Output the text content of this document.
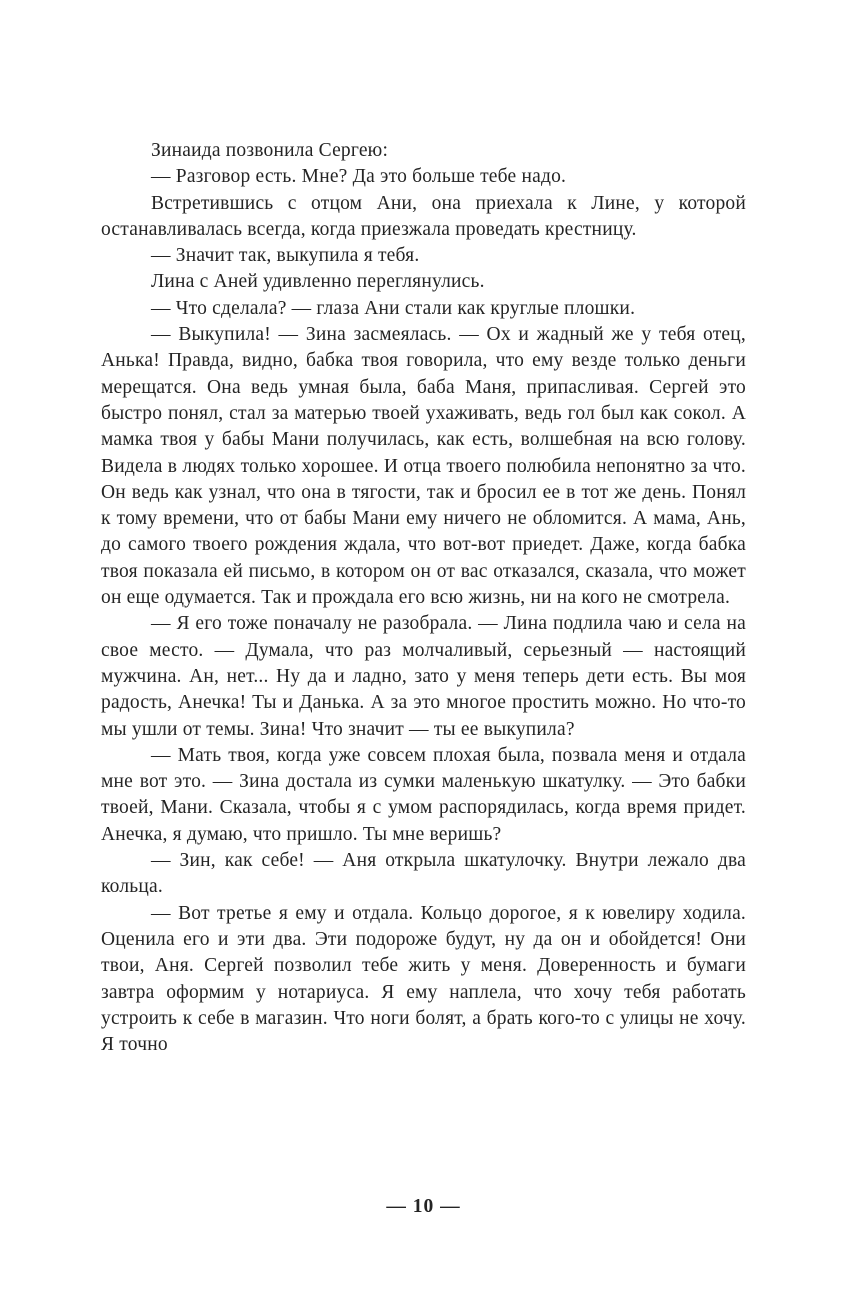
Зинаида позвонила Сергею:

— Разговор есть. Мне? Да это больше тебе надо.

Встретившись с отцом Ани, она приехала к Лине, у которой останавливалась всегда, когда приезжала проведать крестницу.

— Значит так, выкупила я тебя.

Лина с Аней удивленно переглянулись.

— Что сделала? — глаза Ани стали как круглые плошки.

— Выкупила! — Зина засмеялась. — Ох и жадный же у тебя отец, Анька! Правда, видно, бабка твоя говорила, что ему везде только деньги мерещатся. Она ведь умная была, баба Маня, припасливая. Сергей это быстро понял, стал за матерью твоей ухаживать, ведь гол был как сокол. А мамка твоя у бабы Мани получилась, как есть, волшебная на всю голову. Видела в людях только хорошее. И отца твоего полюбила непонятно за что. Он ведь как узнал, что она в тягости, так и бросил ее в тот же день. Понял к тому времени, что от бабы Мани ему ничего не обломится. А мама, Ань, до самого твоего рождения ждала, что вот-вот приедет. Даже, когда бабка твоя показала ей письмо, в котором он от вас отказался, сказала, что может он еще одумается. Так и прождала его всю жизнь, ни на кого не смотрела.

— Я его тоже поначалу не разобрала. — Лина подлила чаю и села на свое место. — Думала, что раз молчаливый, серьезный — настоящий мужчина. Ан, нет... Ну да и ладно, зато у меня теперь дети есть. Вы моя радость, Анечка! Ты и Данька. А за это многое простить можно. Но что-то мы ушли от темы. Зина! Что значит — ты ее выкупила?

— Мать твоя, когда уже совсем плохая была, позвала меня и отдала мне вот это. — Зина достала из сумки маленькую шкатулку. — Это бабки твоей, Мани. Сказала, чтобы я с умом распорядилась, когда время придет. Анечка, я думаю, что пришло. Ты мне веришь?

— Зин, как себе! — Аня открыла шкатулочку. Внутри лежало два кольца.

— Вот третье я ему и отдала. Кольцо дорогое, я к ювелиру ходила. Оценила его и эти два. Эти подороже будут, ну да он и обойдется! Они твои, Аня. Сергей позволил тебе жить у меня. Доверенность и бумаги завтра оформим у нотариуса. Я ему наплела, что хочу тебя работать устроить к себе в магазин. Что ноги болят, а брать кого-то с улицы не хочу. Я точно

— 10 —
